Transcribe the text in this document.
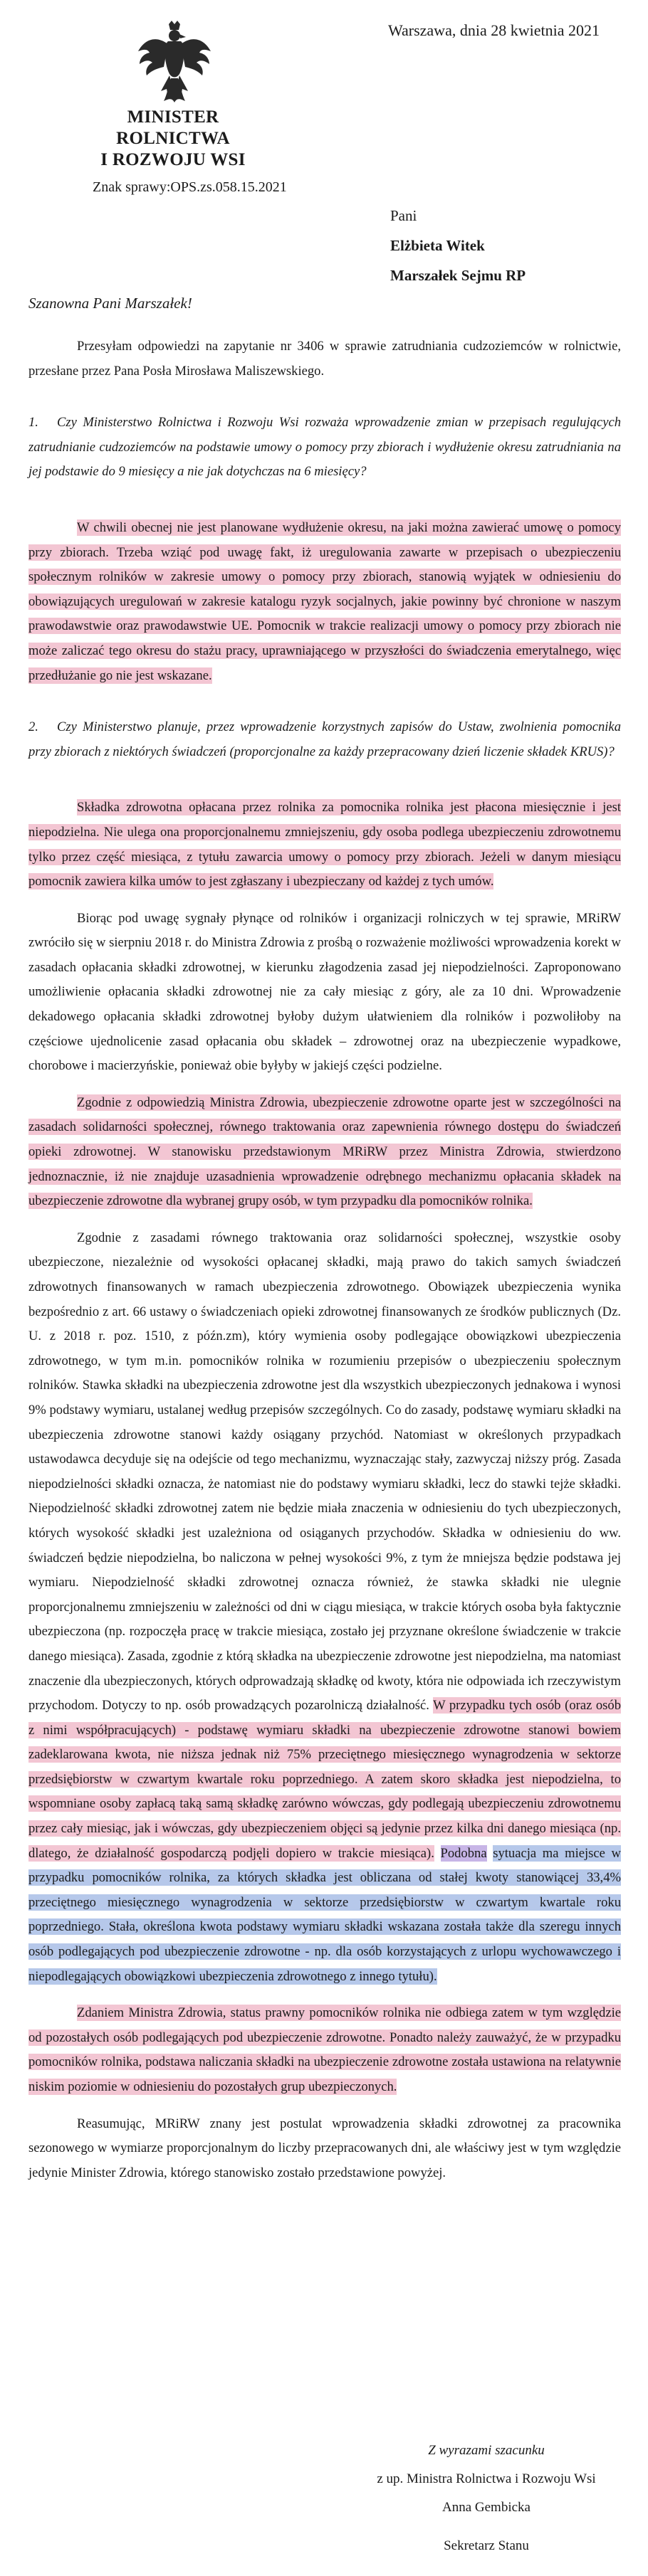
MINISTER ROLNICTWA
I ROZWOJU WSI
Warszawa, dnia 28 kwietnia 2021
Znak sprawy:OPS.zs.058.15.2021
Pani
Elżbieta Witek
Marszałek Sejmu RP
Szanowna Pani Marszałek!

Przesyłam odpowiedzi na zapytanie nr 3406 w sprawie zatrudniania cudzoziemców w rolnictwie, przesłane przez Pana Posła Mirosława Maliszewskiego.

1. Czy Ministerstwo Rolnictwa i Rozwoju Wsi rozważa wprowadzenie zmian w przepisach regulujących zatrudnianie cudzoziemców na podstawie umowy o pomocy przy zbiorach i wydłużenie okresu zatrudniania na jej podstawie do 9 miesięcy a nie jak dotychczas na 6 miesięcy?

W chwili obecnej nie jest planowane wydłużenie okresu, na jaki można zawierać umowę o pomocy przy zbiorach. Trzeba wziąć pod uwagę fakt, iż uregulowania zawarte w przepisach o ubezpieczeniu społecznym rolników w zakresie umowy o pomocy przy zbiorach, stanowią wyjątek w odniesieniu do obowiązujących uregulowań w zakresie katalogu ryzyk socjalnych, jakie powinny być chronione w naszym prawodawstwie oraz prawodawstwie UE. Pomocnik w trakcie realizacji umowy o pomocy przy zbiorach nie może zaliczać tego okresu do stażu pracy, uprawniającego w przyszłości do świadczenia emerytalnego, więc przedłużanie go nie jest wskazane.

2. Czy Ministerstwo planuje, przez wprowadzenie korzystnych zapisów do Ustaw, zwolnienia pomocnika przy zbiorach z niektórych świadczeń (proporcjonalne za każdy przepracowany dzień liczenie składek KRUS)?

Składka zdrowotna opłacana przez rolnika za pomocnika rolnika jest płacona miesięcznie i jest niepodzielna. Nie ulega ona proporcjonalnemu zmniejszeniu, gdy osoba podlega ubezpieczeniu zdrowotnemu tylko przez część miesiąca, z tytułu zawarcia umowy o pomocy przy zbiorach. Jeżeli w danym miesiącu pomocnik zawiera kilka umów to jest zgłaszany i ubezpieczany od każdej z tych umów.

Biorąc pod uwagę sygnały płynące od rolników i organizacji rolniczych w tej sprawie, MRiRW zwróciło się w sierpniu 2018 r. do Ministra Zdrowia z prośbą o rozważenie możliwości wprowadzenia korekt w zasadach opłacania składki zdrowotnej, w kierunku złagodzenia zasad jej niepodzielności. Zaproponowano umożliwienie opłacania składki zdrowotnej nie za cały miesiąc z góry, ale za 10 dni. Wprowadzenie dekadowego opłacania składki zdrowotnej byłoby dużym ułatwieniem dla rolników i pozwoliłoby na częściowe ujednolicenie zasad opłacania obu składek – zdrowotnej oraz na ubezpieczenie wypadkowe, chorobowe i macierzyńskie, ponieważ obie byłyby w jakiejś części podzielne.

Zgodnie z odpowiedzią Ministra Zdrowia, ubezpieczenie zdrowotne oparte jest w szczególności na zasadach solidarności społecznej, równego traktowania oraz zapewnienia równego dostępu do świadczeń opieki zdrowotnej. W stanowisku przedstawionym MRiRW przez Ministra Zdrowia, stwierdzono jednoznacznie, iż nie znajduje uzasadnienia wprowadzenie odrębnego mechanizmu opłacania składek na ubezpieczenie zdrowotne dla wybranej grupy osób, w tym przypadku dla pomocników rolnika.

Zgodnie z zasadami równego traktowania oraz solidarności społecznej, wszystkie osoby ubezpieczone, niezależnie od wysokości opłacanej składki, mają prawo do takich samych świadczeń zdrowotnych finansowanych w ramach ubezpieczenia zdrowotnego. Obowiązek ubezpieczenia wynika bezpośrednio z art. 66 ustawy o świadczeniach opieki zdrowotnej finansowanych ze środków publicznych (Dz. U. z 2018 r. poz. 1510, z późn.zm), który wymienia osoby podlegające obowiązkowi ubezpieczenia zdrowotnego, w tym m.in. pomocników rolnika w rozumieniu przepisów o ubezpieczeniu społecznym rolników. Stawka składki na ubezpieczenia zdrowotne jest dla wszystkich ubezpieczonych jednakowa i wynosi 9% podstawy wymiaru, ustalanej według przepisów szczególnych. Co do zasady, podstawę wymiaru składki na ubezpieczenia zdrowotne stanowi każdy osiągany przychód. Natomiast w określonych przypadkach ustawodawca decyduje się na odejście od tego mechanizmu, wyznaczając stały, zazwyczaj niższy próg. Zasada niepodzielności składki oznacza, że natomiast nie do podstawy wymiaru składki, lecz do stawki tejże składki. Niepodzielność składki zdrowotnej zatem nie będzie miała znaczenia w odniesieniu do tych ubezpieczonych, których wysokość składki jest uzależniona od osiąganych przychodów. Składka w odniesieniu do ww. świadczeń będzie niepodzielna, bo naliczona w pełnej wysokości 9%, z tym że mniejsza będzie podstawa jej wymiaru. Niepodzielność składki zdrowotnej oznacza również, że stawka składki nie ulegnie proporcjonalnemu zmniejszeniu w zależności od dni w ciągu miesiąca, w trakcie których osoba była faktycznie ubezpieczona (np. rozpoczęła pracę w trakcie miesiąca, zostało jej przyznane określone świadczenie w trakcie danego miesiąca). Zasada, zgodnie z którą składka na ubezpieczenie zdrowotne jest niepodzielna, ma natomiast znaczenie dla ubezpieczonych, których odprowadzają składkę od kwoty, która nie odpowiada ich rzeczywistym przychodom. Dotyczy to np. osób prowadzących pozarolniczą działalność. W przypadku tych osób (oraz osób z nimi współpracujących) - podstawę wymiaru składki na ubezpieczenie zdrowotne stanowi bowiem zadeklarowana kwota, nie niższa jednak niż 75% przeciętnego miesięcznego wynagrodzenia w sektorze przedsiębiorstw w czwartym kwartale roku poprzedniego. A zatem skoro składka jest niepodzielna, to wspomniane osoby zapłacą taką samą składkę zarówno wówczas, gdy podlegają ubezpieczeniu zdrowotnemu przez cały miesiąc, jak i wówczas, gdy ubezpieczeniem objęci są jedynie przez kilka dni danego miesiąca (np. dlatego, że działalność gospodarczą podjęli dopiero w trakcie miesiąca). Podobna sytuacja ma miejsce w przypadku pomocników rolnika, za których składka jest obliczana od stałej kwoty stanowiącej 33,4% przeciętnego miesięcznego wynagrodzenia w sektorze przedsiębiorstw w czwartym kwartale roku poprzedniego. Stała, określona kwota podstawy wymiaru składki wskazana została także dla szeregu innych osób podlegających pod ubezpieczenie zdrowotne - np. dla osób korzystających z urlopu wychowawczego i niepodlegających obowiązkowi ubezpieczenia zdrowotnego z innego tytułu).

Zdaniem Ministra Zdrowia, status prawny pomocników rolnika nie odbiega zatem w tym względzie od pozostałych osób podlegających pod ubezpieczenie zdrowotne. Ponadto należy zauważyć, że w przypadku pomocników rolnika, podstawa naliczania składki na ubezpieczenie zdrowotne została ustawiona na relatywnie niskim poziomie w odniesieniu do pozostałych grup ubezpieczonych.

Reasumując, MRiRW znany jest postulat wprowadzenia składki zdrowotnej za pracownika sezonowego w wymiarze proporcjonalnym do liczby przepracowanych dni, ale właściwy jest w tym względzie jedynie Minister Zdrowia, którego stanowisko zostało przedstawione powyżej.

Z wyrazami szacunku
z up. Ministra Rolnictwa i Rozwoju Wsi
Anna Gembicka
Sekretarz Stanu
